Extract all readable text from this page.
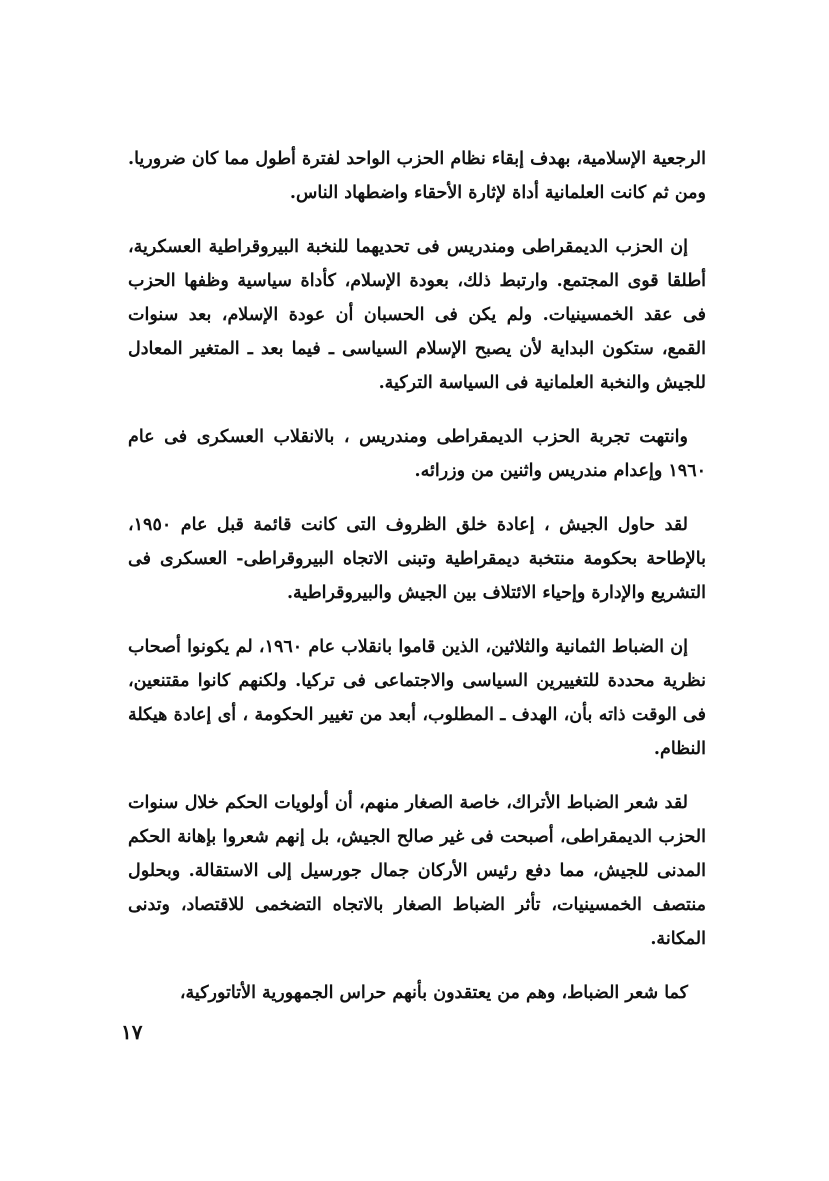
الرجعية الإسلامية، بهدف إبقاء نظام الحزب الواحد لفترة أطول مما كان ضروريا. ومن ثم كانت العلمانية أداة لإثارة الأحقاء واضطهاد الناس.

إن الحزب الديمقراطى ومندريس فى تحديهما للنخبة البيروقراطية العسكرية، أطلقا قوى المجتمع. وارتبط ذلك، بعودة الإسلام، كأداة سياسية وظفها الحزب فى عقد الخمسينيات. ولم يكن فى الحسبان أن عودة الإسلام، بعد سنوات القمع، ستكون البداية لأن يصبح الإسلام السياسى ـ فيما بعد ـ المتغير المعادل للجيش والنخبة العلمانية فى السياسة التركية.

وانتهت تجربة الحزب الديمقراطى ومندريس ، بالانقلاب العسكرى فى عام ١٩٦٠ وإعدام مندريس واثنين من وزرائه.

لقد حاول الجيش ، إعادة خلق الظروف التى كانت قائمة قبل عام ١٩٥٠، بالإطاحة بحكومة منتخبة ديمقراطية وتبنى الاتجاه البيروقراطى- العسكرى فى التشريع والإدارة وإحياء الائتلاف بين الجيش والبيروقراطية.

إن الضباط الثمانية والثلاثين، الذين قاموا بانقلاب عام ١٩٦٠، لم يكونوا أصحاب نظرية محددة للتغييرين السياسى والاجتماعى فى تركيا. ولكنهم كانوا مقتنعين، فى الوقت ذاته بأن، الهدف ـ المطلوب، أبعد من تغيير الحكومة ، أى إعادة هيكلة النظام.

لقد شعر الضباط الأتراك، خاصة الصغار منهم، أن أولويات الحكم خلال سنوات الحزب الديمقراطى، أصبحت فى غير صالح الجيش، بل إنهم شعروا بإهانة الحكم المدنى للجيش، مما دفع رئيس الأركان جمال جورسيل إلى الاستقالة. وبحلول منتصف الخمسينيات، تأثر الضباط الصغار بالاتجاه التضخمى للاقتصاد، وتدنى المكانة.

كما شعر الضباط، وهم من يعتقدون بأنهم حراس الجمهورية الأتاتوركية،

١٧
